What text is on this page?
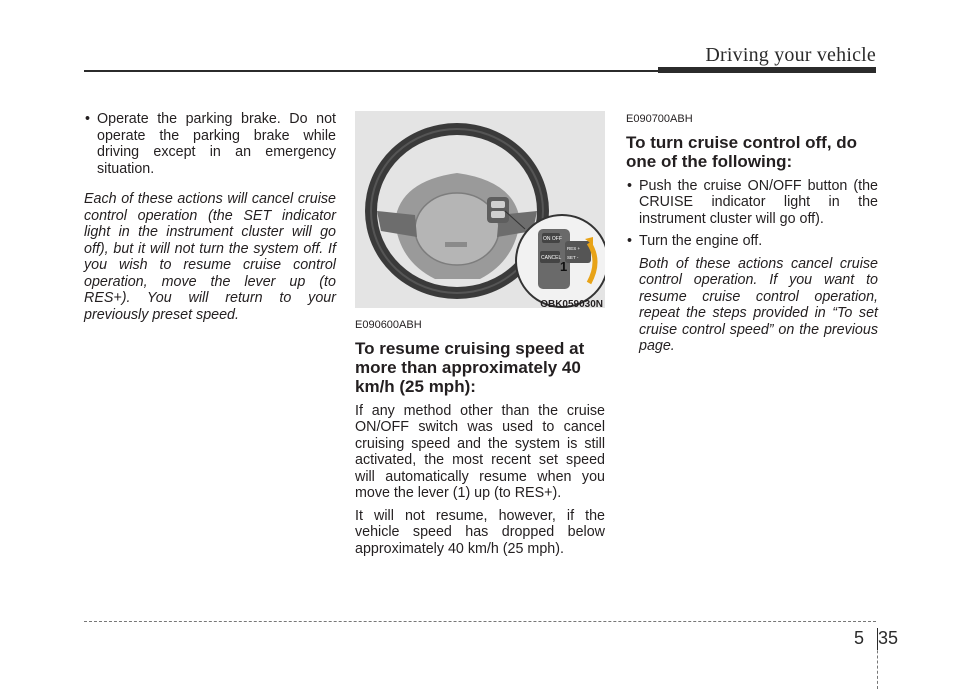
Driving your vehicle
• Operate the parking brake. Do not operate the parking brake while driving except in an emergency situation.
Each of these actions will cancel cruise control operation (the SET indicator light in the instrument cluster will go off), but it will not turn the system off. If you wish to resume cruise control operation, move the lever up (to RES+). You will return to your previously preset speed.
ON OFF
CANCEL
RES +
SET -
1
OBK059030N
E090600ABH
To resume cruising speed at more than approximately 40 km/h (25 mph):
If any method other than the cruise ON/OFF switch was used to cancel cruising speed and the system is still activated, the most recent set speed will automatically resume when you move the lever (1) up (to RES+).
It will not resume, however, if the vehicle speed has dropped below approximately 40 km/h (25 mph).
E090700ABH
To turn cruise control off, do one of the following:
• Push the cruise ON/OFF button (the CRUISE indicator light in the instrument cluster will go off).
• Turn the engine off.
Both of these actions cancel cruise control operation. If you want to resume cruise control operation, repeat the steps provided in “To set cruise control speed” on the previous page.
5 35
